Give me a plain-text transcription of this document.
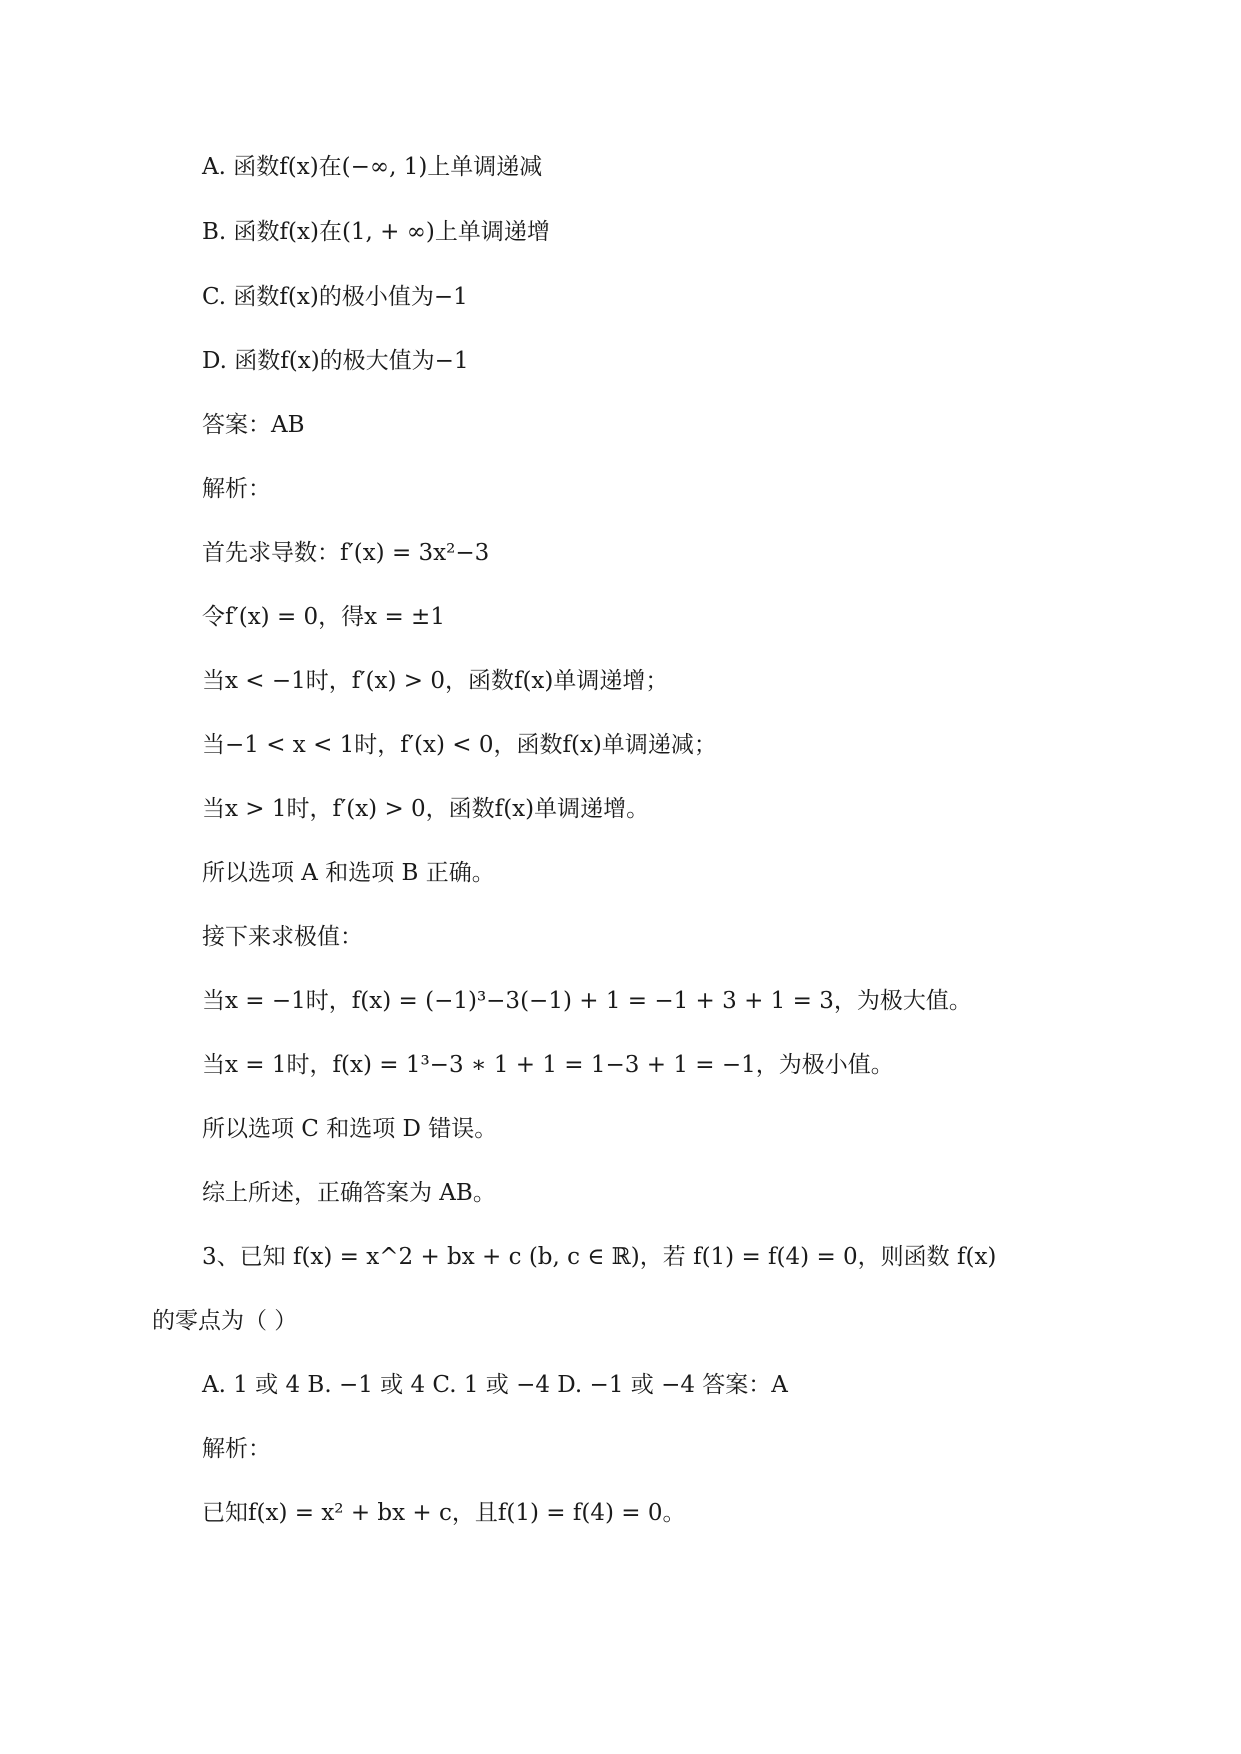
A. 函数f(x)在(−∞, 1)上单调递减
B. 函数f(x)在(1, + ∞)上单调递增
C. 函数f(x)的极小值为−1
D. 函数f(x)的极大值为−1
答案：AB
解析：
首先求导数：f′(x) = 3x²−3
令f′(x) = 0，得x = ±1
当x < −1时，f′(x) > 0，函数f(x)单调递增；
当−1 < x < 1时，f′(x) < 0，函数f(x)单调递减；
当x > 1时，f′(x) > 0，函数f(x)单调递增。
所以选项 A 和选项 B 正确。
接下来求极值：
当x = −1时，f(x) = (−1)³−3(−1) + 1 = −1 + 3 + 1 = 3，为极大值。
当x = 1时，f(x) = 1³−3 ∗ 1 + 1 = 1−3 + 1 = −1，为极小值。
所以选项 C 和选项 D 错误。
综上所述，正确答案为 AB。
3、已知 f(x) = x^2 + bx + c (b, c ∈ ℝ)，若 f(1) = f(4) = 0，则函数 f(x)
的零点为（ ）
A. 1 或 4 B. −1 或 4 C. 1 或 −4 D. −1 或 −4 答案：A
解析：
已知f(x) = x² + bx + c，且f(1) = f(4) = 0。
